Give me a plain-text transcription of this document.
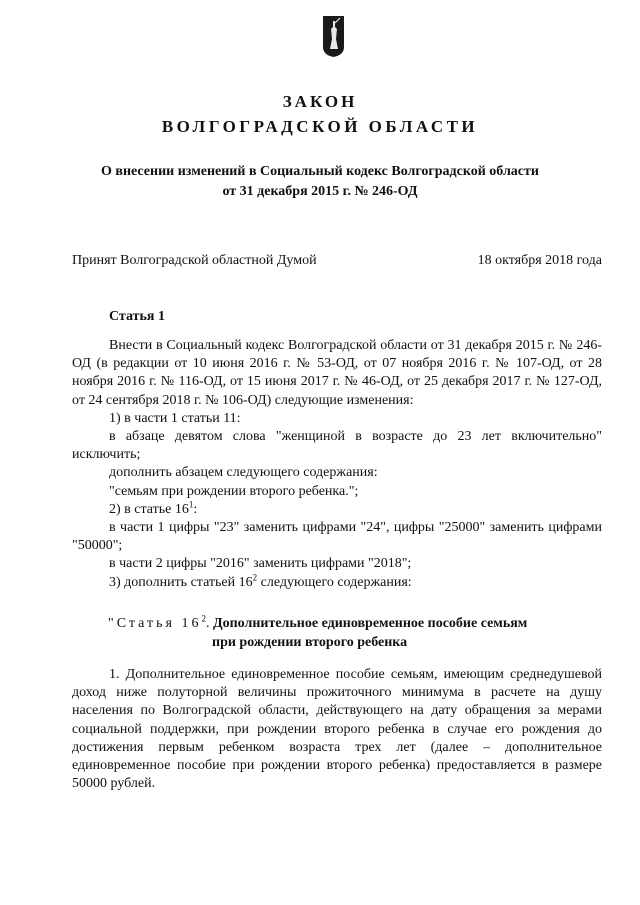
ЗАКОН
ВОЛГОГРАДСКОЙ ОБЛАСТИ
О внесении изменений в Социальный кодекс Волгоградской области
от 31 декабря 2015 г. № 246-ОД
Принят Волгоградской областной Думой	18 октября 2018 года
Статья 1

Внести в Социальный кодекс Волгоградской области от 31 декабря 2015 г. № 246-ОД (в редакции от 10 июня 2016 г. № 53-ОД, от 07 ноября 2016 г. № 107-ОД, от 28 ноября 2016 г. № 116-ОД, от 15 июня 2017 г. № 46-ОД, от 25 декабря 2017 г. № 127-ОД, от 24 сентября 2018 г. № 106-ОД) следующие изменения:

1) в части 1 статьи 11:

в абзаце девятом слова "женщиной в возрасте до 23 лет включительно" исключить;

дополнить абзацем следующего содержания:

"семьям при рождении второго ребенка.";

2) в статье $16^1$:

в части 1 цифры "23" заменить цифрами "24", цифры "25000" заменить цифрами "50000";

в части 2 цифры "2016" заменить цифрами "2018";

3) дополнить статьей $16^2$ следующего содержания:

"Статья $16^2$. Дополнительное единовременное пособие семьям
при рождении второго ребенка

1. Дополнительное единовременное пособие семьям, имеющим среднедушевой доход ниже полуторной величины прожиточного минимума в расчете на душу населения по Волгоградской области, действующего на дату обращения за мерами социальной поддержки, при рождении второго ребенка в случае его рождения до достижения первым ребенком возраста трех лет (далее – дополнительное единовременное пособие при рождении второго ребенка) предоставляется в размере 50000 рублей.
